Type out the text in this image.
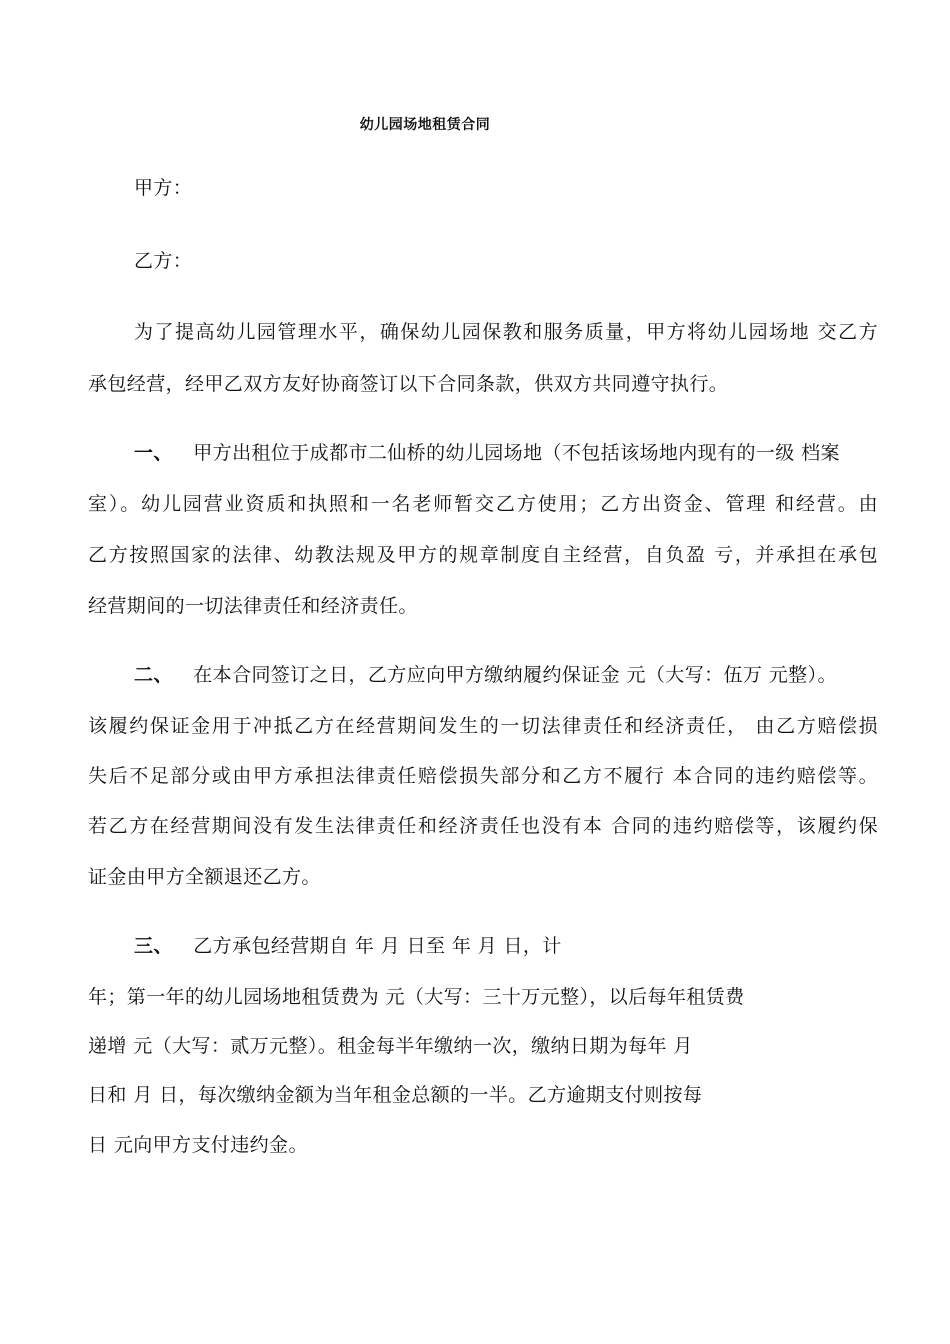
幼儿园场地租赁合同
甲方：
乙方：
为了提高幼儿园管理水平，确保幼儿园保教和服务质量，甲方将幼儿园场地 交乙方
承包经营，经甲乙双方友好协商签订以下合同条款，供双方共同遵守执行。
一、 甲方出租位于成都市二仙桥的幼儿园场地（不包括该场地内现有的一级 档案
室）。幼儿园营业资质和执照和一名老师暂交乙方使用；乙方出资金、管理 和经营。由
乙方按照国家的法律、幼教法规及甲方的规章制度自主经营，自负盈 亏，并承担在承包
经营期间的一切法律责任和经济责任。
二、 在本合同签订之日，乙方应向甲方缴纳履约保证金 元（大写：伍万 元整）。
该履约保证金用于冲抵乙方在经营期间发生的一切法律责任和经济责任， 由乙方赔偿损
失后不足部分或由甲方承担法律责任赔偿损失部分和乙方不履行 本合同的违约赔偿等。
若乙方在经营期间没有发生法律责任和经济责任也没有本 合同的违约赔偿等，该履约保
证金由甲方全额退还乙方。
三、 乙方承包经营期自 年 月 日至 年 月 日，计
年；第一年的幼儿园场地租赁费为 元（大写：三十万元整），以后每年租赁费
递增 元（大写：贰万元整）。租金每半年缴纳一次，缴纳日期为每年 月
日和 月 日，每次缴纳金额为当年租金总额的一半。乙方逾期支付则按每
日 元向甲方支付违约金。
